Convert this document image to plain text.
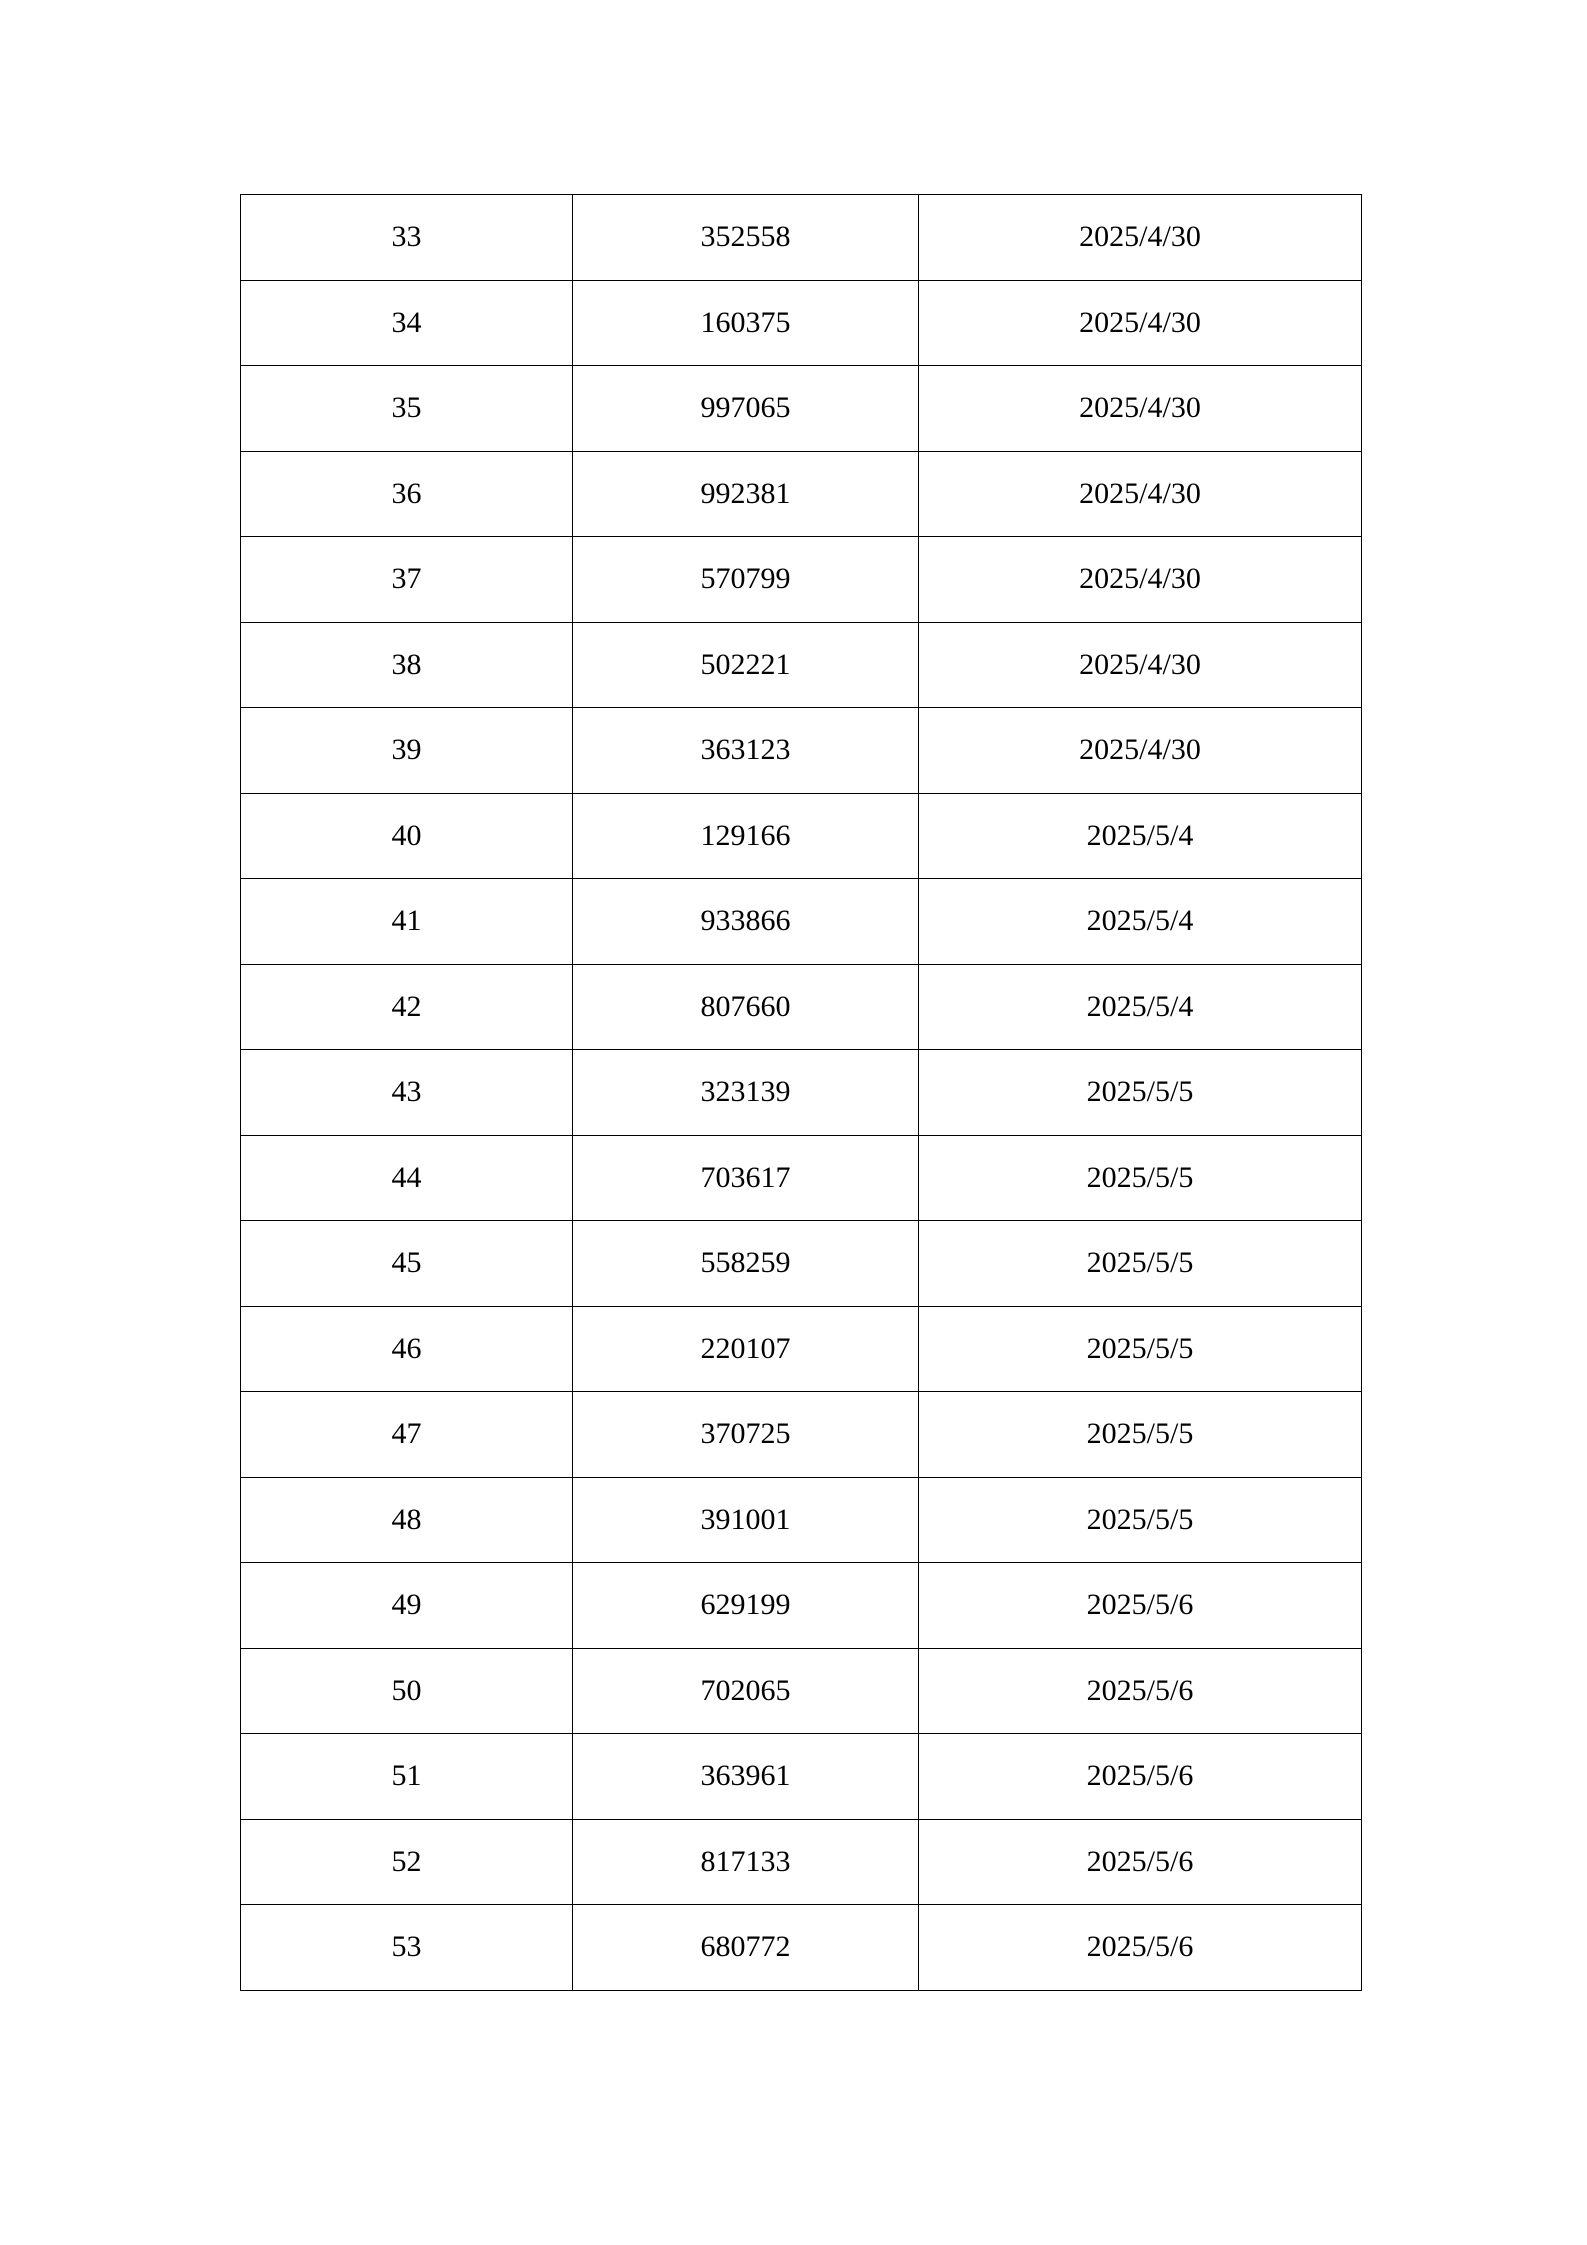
33	352558	2025/4/30
34	160375	2025/4/30
35	997065	2025/4/30
36	992381	2025/4/30
37	570799	2025/4/30
38	502221	2025/4/30
39	363123	2025/4/30
40	129166	2025/5/4
41	933866	2025/5/4
42	807660	2025/5/4
43	323139	2025/5/5
44	703617	2025/5/5
45	558259	2025/5/5
46	220107	2025/5/5
47	370725	2025/5/5
48	391001	2025/5/5
49	629199	2025/5/6
50	702065	2025/5/6
51	363961	2025/5/6
52	817133	2025/5/6
53	680772	2025/5/6
